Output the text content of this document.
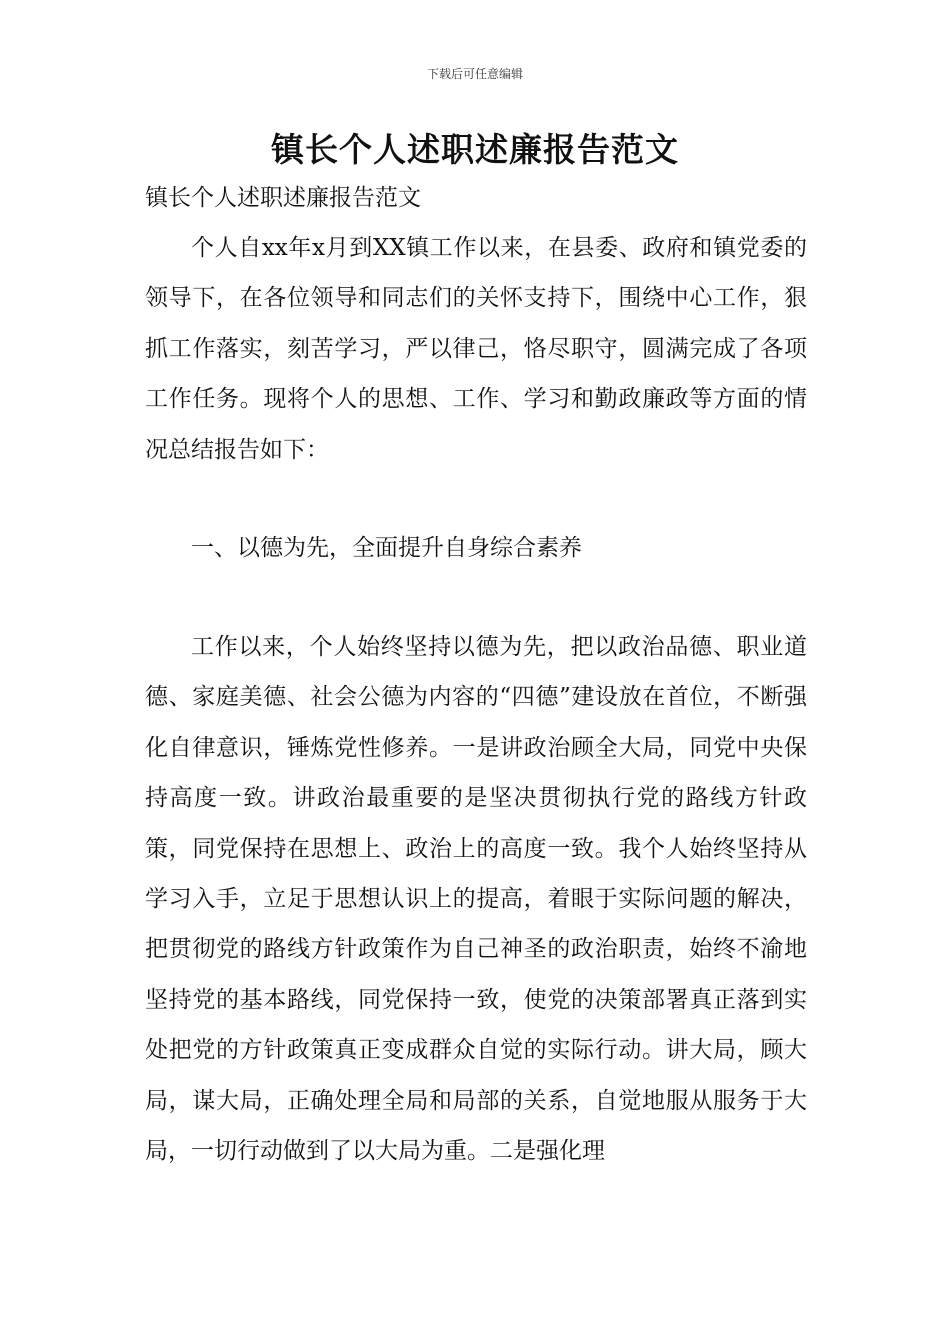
下载后可任意编辑
镇长个人述职述廉报告范文
镇长个人述职述廉报告范文

个人自xx年x月到XX镇工作以来，在县委、政府和镇党委的领导下，在各位领导和同志们的关怀支持下，围绕中心工作，狠抓工作落实，刻苦学习，严以律己，恪尽职守，圆满完成了各项工作任务。现将个人的思想、工作、学习和勤政廉政等方面的情况总结报告如下：

一、以德为先，全面提升自身综合素养

工作以来，个人始终坚持以德为先，把以政治品德、职业道德、家庭美德、社会公德为内容的“四德”建设放在首位，不断强化自律意识，锤炼党性修养。一是讲政治顾全大局，同党中央保持高度一致。讲政治最重要的是坚决贯彻执行党的路线方针政策，同党保持在思想上、政治上的高度一致。我个人始终坚持从学习入手，立足于思想认识上的提高，着眼于实际问题的解决，把贯彻党的路线方针政策作为自己神圣的政治职责，始终不渝地坚持党的基本路线，同党保持一致，使党的决策部署真正落到实处把党的方针政策真正变成群众自觉的实际行动。讲大局，顾大局，谋大局，正确处理全局和局部的关系，自觉地服从服务于大局，一切行动做到了以大局为重。二是强化理
